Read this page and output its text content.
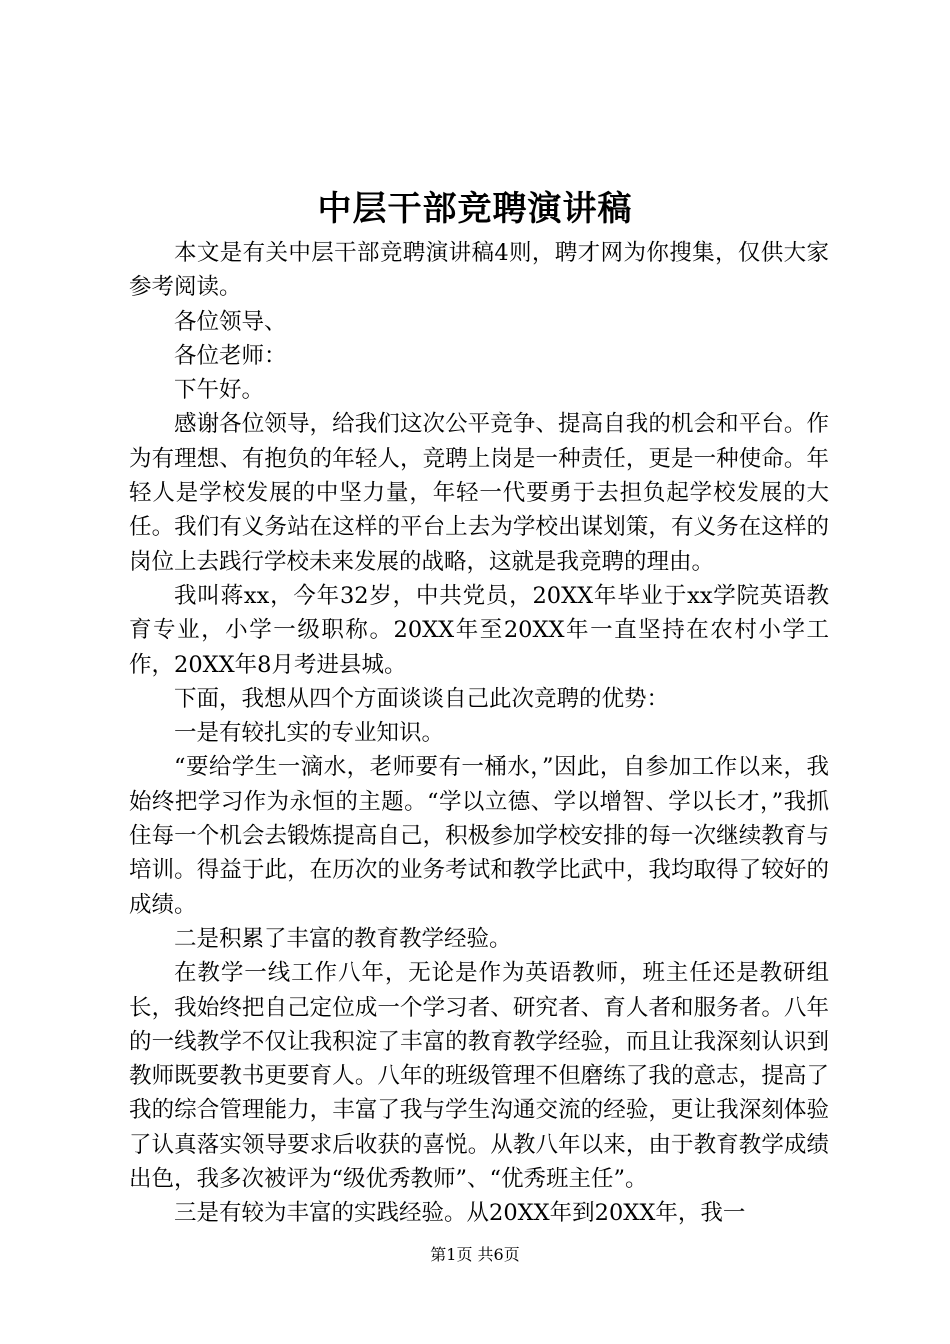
中层干部竞聘演讲稿

本文是有关中层干部竞聘演讲稿4则，聘才网为你搜集，仅供大家参考阅读。

各位领导、

各位老师：

下午好。

感谢各位领导，给我们这次公平竞争、提高自我的机会和平台。作为有理想、有抱负的年轻人，竞聘上岗是一种责任，更是一种使命。年轻人是学校发展的中坚力量，年轻一代要勇于去担负起学校发展的大任。我们有义务站在这样的平台上去为学校出谋划策，有义务在这样的岗位上去践行学校未来发展的战略，这就是我竞聘的理由。

我叫蒋xx，今年32岁，中共党员，20XX年毕业于xx学院英语教育专业，小学一级职称。20XX年至20XX年一直坚持在农村小学工作，20XX年8月考进县城。

下面，我想从四个方面谈谈自己此次竞聘的优势：

一是有较扎实的专业知识。

“要给学生一滴水，老师要有一桶水，”因此，自参加工作以来，我始终把学习作为永恒的主题。“学以立德、学以增智、学以长才，”我抓住每一个机会去锻炼提高自己，积极参加学校安排的每一次继续教育与培训。得益于此，在历次的业务考试和教学比武中，我均取得了较好的成绩。

二是积累了丰富的教育教学经验。

在教学一线工作八年，无论是作为英语教师，班主任还是教研组长，我始终把自己定位成一个学习者、研究者、育人者和服务者。八年的一线教学不仅让我积淀了丰富的教育教学经验，而且让我深刻认识到教师既要教书更要育人。八年的班级管理不但磨练了我的意志，提高了我的综合管理能力，丰富了我与学生沟通交流的经验，更让我深刻体验了认真落实领导要求后收获的喜悦。从教八年以来，由于教育教学成绩出色，我多次被评为“级优秀教师”、“优秀班主任”。

三是有较为丰富的实践经验。从20XX年到20XX年，我一

第1页 共6页
